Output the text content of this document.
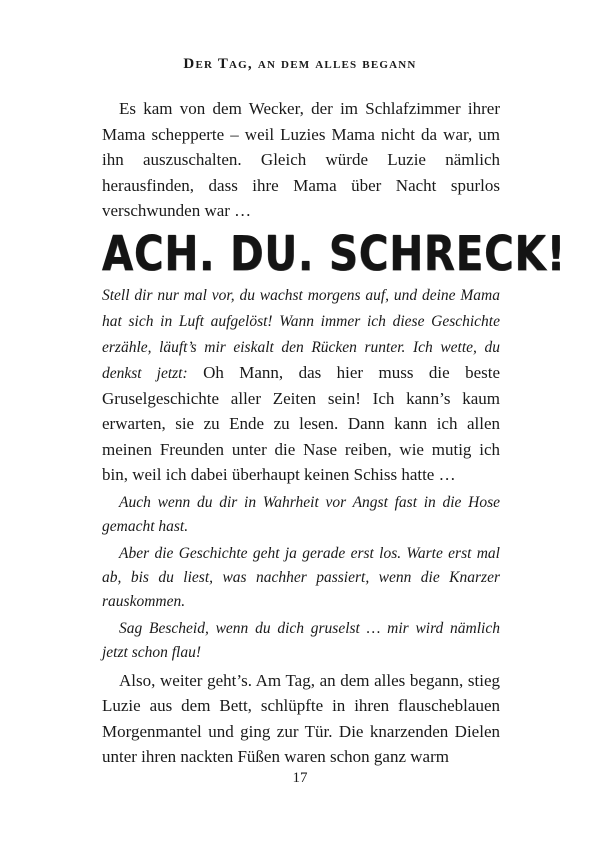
Der Tag, an dem alles begann

Es kam von dem Wecker, der im Schlafzimmer ihrer Mama schepperte – weil Luzies Mama nicht da war, um ihn auszuschalten. Gleich würde Luzie nämlich herausfinden, dass ihre Mama über Nacht spurlos verschwunden war …

ACH. DU. SCHRECK!

Stell dir nur mal vor, du wachst morgens auf, und deine Mama hat sich in Luft aufgelöst! Wann immer ich diese Geschichte erzähle, läuft’s mir eiskalt den Rücken runter. Ich wette, du denkst jetzt: Oh Mann, das hier muss die beste Gruselgeschichte aller Zeiten sein! Ich kann’s kaum erwarten, sie zu Ende zu lesen. Dann kann ich allen meinen Freunden unter die Nase reiben, wie mutig ich bin, weil ich dabei überhaupt keinen Schiss hatte …

Auch wenn du dir in Wahrheit vor Angst fast in die Hose gemacht hast.

Aber die Geschichte geht ja gerade erst los. Warte erst mal ab, bis du liest, was nachher passiert, wenn die Knarzer rauskommen.

Sag Bescheid, wenn du dich gruselst … mir wird nämlich jetzt schon flau!

Also, weiter geht’s. Am Tag, an dem alles begann, stieg Luzie aus dem Bett, schlüpfte in ihren flauscheblauen Morgenmantel und ging zur Tür. Die knarzenden Dielen unter ihren nackten Füßen waren schon ganz warm

17
